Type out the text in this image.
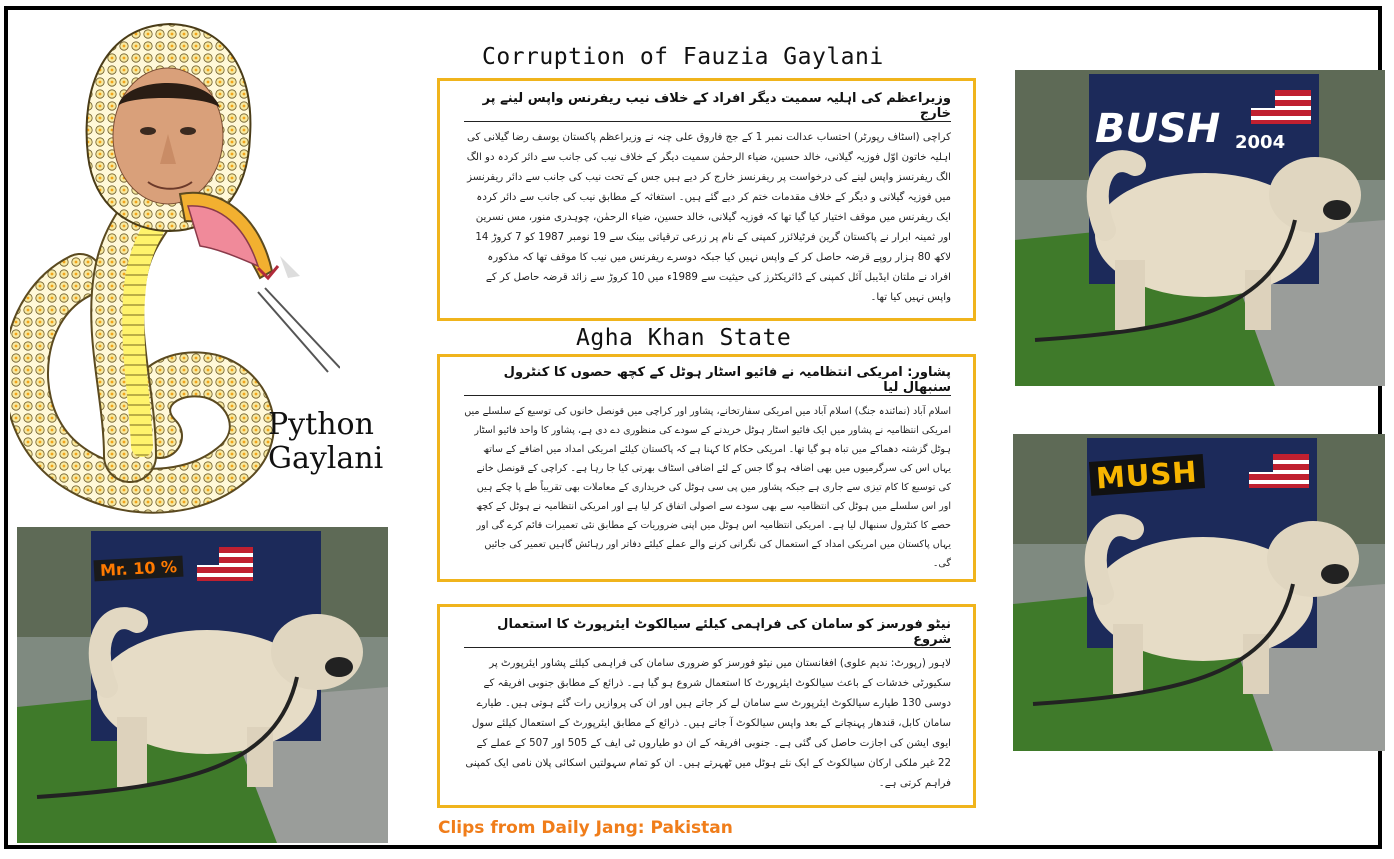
Python
Gaylani
Corruption of Fauzia Gaylani
Agha Khan State
وزیراعظم کی اہلیہ سمیت دیگر افراد کے خلاف نیب ریفرنس واپس لینے پر خارج

کراچی (اسٹاف رپورٹر) احتساب عدالت نمبر 1 کے جج فاروق علی چنہ نے وزیراعظم پاکستان یوسف رضا گیلانی کی اہلیہ خاتون اوّل فوزیہ گیلانی، خالد حسین، ضیاء الرحمٰن سمیت دیگر کے خلاف نیب کی جانب سے دائر کردہ دو الگ الگ ریفرنسز واپس لینے کی درخواست پر ریفرنسز خارج کر دیے ہیں جس کے تحت نیب کی جانب سے دائر ریفرنسز میں فوزیہ گیلانی و دیگر کے خلاف مقدمات ختم کر دیے گئے ہیں۔ استغاثہ کے مطابق نیب کی جانب سے دائر کردہ ایک ریفرنس میں موقف اختیار کیا گیا تھا کہ فوزیہ گیلانی، خالد حسین، ضیاء الرحمٰن، چوہدری منور، مس نسرین اور ثمینہ ابرار نے پاکستان گرین فرٹیلائزر کمپنی کے نام پر زرعی ترقیاتی بینک سے 19 نومبر 1987 کو 7 کروڑ 14 لاکھ 80 ہزار روپے قرضہ حاصل کر کے واپس نہیں کیا جبکہ دوسرے ریفرنس میں نیب کا موقف تھا کہ مذکورہ افراد نے ملتان ایڈیبل آئل کمپنی کے ڈائریکٹرز کی حیثیت سے 1989ء میں 10 کروڑ سے زائد قرضہ حاصل کر کے واپس نہیں کیا تھا۔

پشاور: امریکی انتظامیہ نے فائیو اسٹار ہوٹل کے کچھ حصوں کا کنٹرول سنبھال لیا

اسلام آباد (نمائندہ جنگ) اسلام آباد میں امریکی سفارتخانے، پشاور اور کراچی میں قونصل خانوں کی توسیع کے سلسلے میں امریکی انتظامیہ نے پشاور میں ایک فائیو اسٹار ہوٹل خریدنے کے سودے کی منظوری دے دی ہے، پشاور کا واحد فائیو اسٹار ہوٹل گزشتہ دھماکے میں تباہ ہو گیا تھا۔ امریکی حکام کا کہنا ہے کہ پاکستان کیلئے امریکی امداد میں اضافے کے ساتھ یہاں اس کی سرگرمیوں میں بھی اضافہ ہو گا جس کے لئے اضافی اسٹاف بھرتی کیا جا رہا ہے۔ کراچی کے قونصل خانے کی توسیع کا کام تیزی سے جاری ہے جبکہ پشاور میں پی سی ہوٹل کی خریداری کے معاملات بھی تقریباً طے پا چکے ہیں اور اس سلسلے میں ہوٹل کی انتظامیہ سے بھی سودے سے اصولی اتفاق کر لیا ہے اور امریکی انتظامیہ نے ہوٹل کے کچھ حصے کا کنٹرول سنبھال لیا ہے۔ امریکی انتظامیہ اس ہوٹل میں اپنی ضروریات کے مطابق نئی تعمیرات قائم کرے گی اور یہاں پاکستان میں امریکی امداد کے استعمال کی نگرانی کرنے والے عملے کیلئے دفاتر اور رہائش گاہیں تعمیر کی جائیں گی۔

نیٹو فورسز کو سامان کی فراہمی کیلئے سیالکوٹ ایئرپورٹ کا استعمال شروع

لاہور (رپورٹ: ندیم علوی) افغانستان میں نیٹو فورسز کو ضروری سامان کی فراہمی کیلئے پشاور ایئرپورٹ پر سکیورٹی خدشات کے باعث سیالکوٹ ایئرپورٹ کا استعمال شروع ہو گیا ہے۔ ذرائع کے مطابق جنوبی افریقہ کے دوسی 130 طیارے سیالکوٹ ایئرپورٹ سے سامان لے کر جاتے ہیں اور ان کی پروازیں رات گئے ہوتی ہیں۔ طیارے سامان کابل، قندھار پہنچانے کے بعد واپس سیالکوٹ آ جاتے ہیں۔ ذرائع کے مطابق ایئرپورٹ کے استعمال کیلئے سول ایوی ایشن کی اجازت حاصل کی گئی ہے۔ جنوبی افریقہ کے ان دو طیاروں ٹی ایف کے 505 اور 507 کے عملے کے 22 غیر ملکی ارکان سیالکوٹ کے ایک نئے ہوٹل میں ٹھہرتے ہیں۔ ان کو تمام سہولتیں اسکائی پلان نامی ایک کمپنی فراہم کرتی ہے۔

Clips from Daily Jang: Pakistan
BUSH 2004
MUSH
Mr. 10 %
